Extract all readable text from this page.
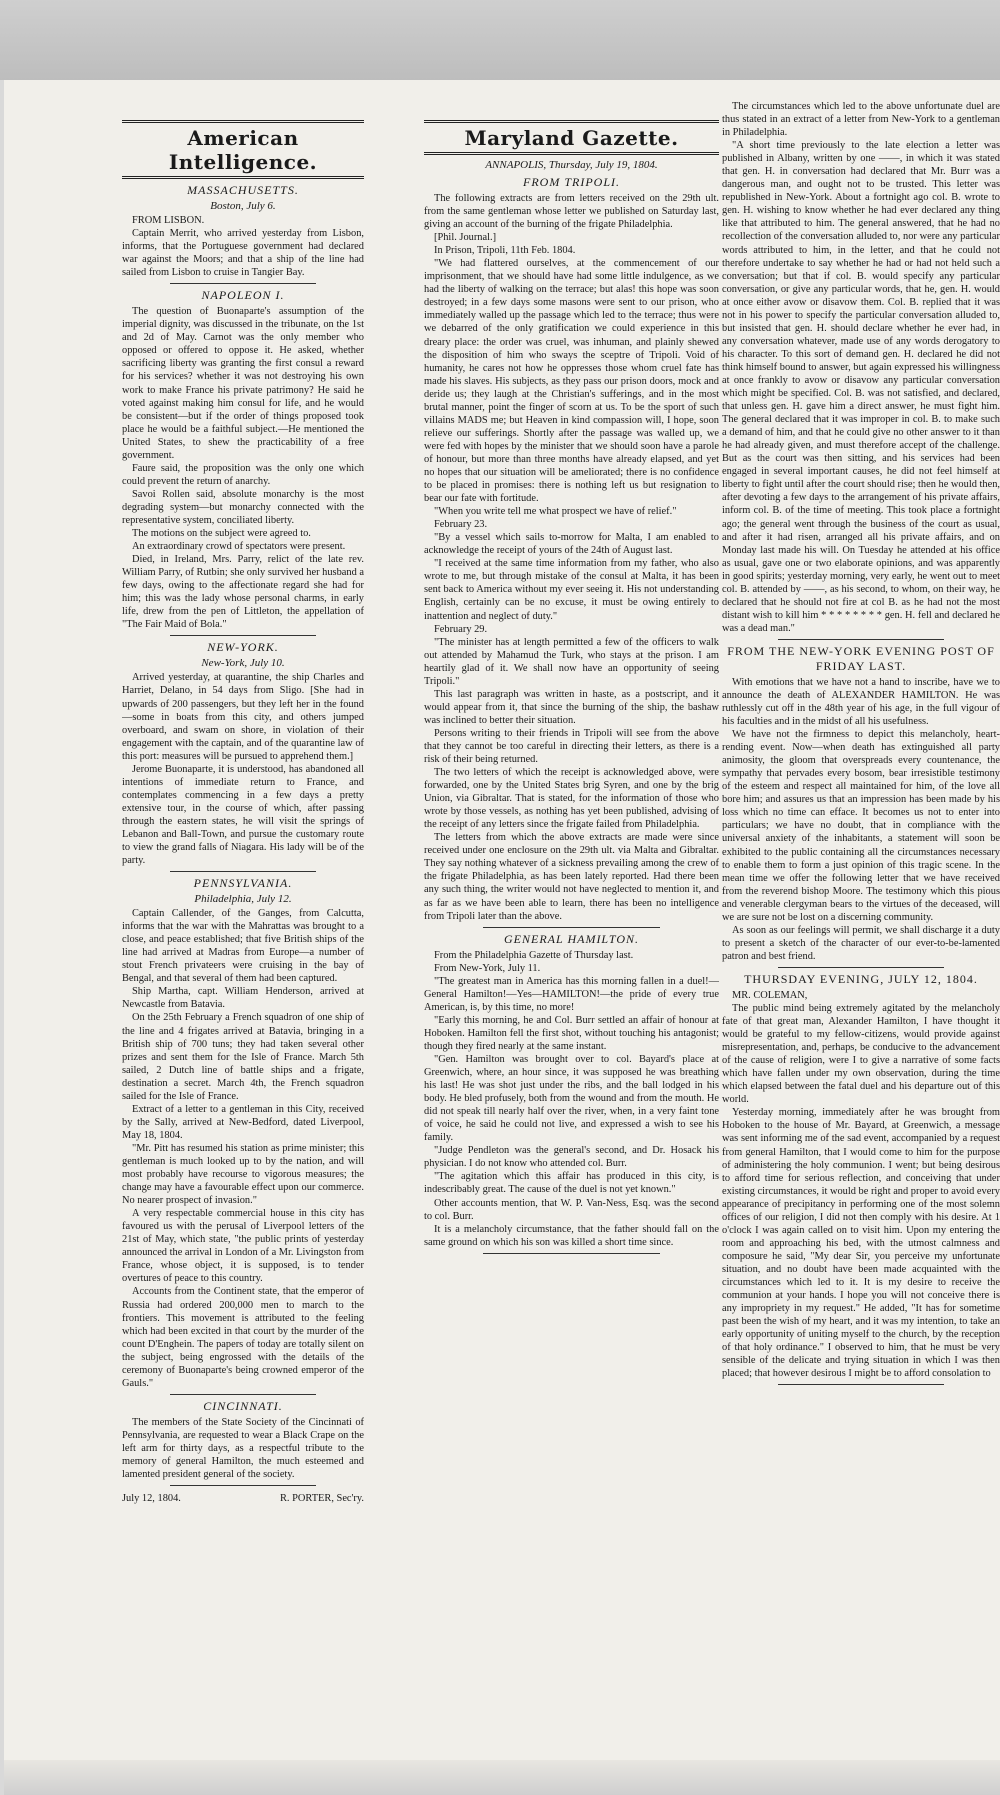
American Intelligence.
MASSACHUSETTS.
Boston, July 6.

FROM LISBON.

Captain Merrit, who arrived yesterday from Lisbon, informs, that the Portuguese government had declared war against the Moors; and that a ship of the line had sailed from Lisbon to cruise in Tangier Bay.

NAPOLEON I.

The question of Buonaparte's assumption of the imperial dignity, was discussed in the tribunate, on the 1st and 2d of May. Carnot was the only member who opposed or offered to oppose it. He asked, whether sacrificing liberty was granting the first consul a reward for his services? whether it was not destroying his own work to make France his private patrimony? He said he voted against making him consul for life, and he would be consistent—but if the order of things proposed took place he would be a faithful subject.—He mentioned the United States, to shew the practicability of a free government.

Faure said, the proposition was the only one which could prevent the return of anarchy.

Savoi Rollen said, absolute monarchy is the most degrading system—but monarchy connected with the representative system, conciliated liberty.

The motions on the subject were agreed to.

An extraordinary crowd of spectators were present.

Died, in Ireland, Mrs. Parry, relict of the late rev. William Parry, of Rutbin; she only survived her husband a few days, owing to the affectionate regard she had for him; this was the lady whose personal charms, in early life, drew from the pen of Littleton, the appellation of "The Fair Maid of Bola."

NEW-YORK.
New-York, July 10.

Arrived yesterday, at quarantine, the ship Charles and Harriet, Delano, in 54 days from Sligo. [She had in upwards of 200 passengers, but they left her in the found—some in boats from this city, and others jumped overboard, and swam on shore, in violation of their engagement with the captain, and of the quarantine law of this port: measures will be pursued to apprehend them.]

Jerome Buonaparte, it is understood, has abandoned all intentions of immediate return to France, and contemplates commencing in a few days a pretty extensive tour, in the course of which, after passing through the eastern states, he will visit the springs of Lebanon and Ball-Town, and pursue the customary route to view the grand falls of Niagara. His lady will be of the party.

PENNSYLVANIA.
Philadelphia, July 12.

Captain Callender, of the Ganges, from Calcutta, informs that the war with the Mahrattas was brought to a close, and peace established; that five British ships of the line had arrived at Madras from Europe—a number of stout French privateers were cruising in the bay of Bengal, and that several of them had been captured.

Ship Martha, capt. William Henderson, arrived at Newcastle from Batavia.

On the 25th February a French squadron of one ship of the line and 4 frigates arrived at Batavia, bringing in a British ship of 700 tuns; they had taken several other prizes and sent them for the Isle of France. March 5th sailed, 2 Dutch line of battle ships and a frigate, destination a secret. March 4th, the French squadron sailed for the Isle of France.

Extract of a letter to a gentleman in this City, received by the Sally, arrived at New-Bedford, dated Liverpool, May 18, 1804.

"Mr. Pitt has resumed his station as prime minister; this gentleman is much looked up to by the nation, and will most probably have recourse to vigorous measures; the change may have a favourable effect upon our commerce. No nearer prospect of invasion."

A very respectable commercial house in this city has favoured us with the perusal of Liverpool letters of the 21st of May, which state, "the public prints of yesterday announced the arrival in London of a Mr. Livingston from France, whose object, it is supposed, is to tender overtures of peace to this country.

Accounts from the Continent state, that the emperor of Russia had ordered 200,000 men to march to the frontiers. This movement is attributed to the feeling which had been excited in that court by the murder of the count D'Enghein. The papers of today are totally silent on the subject, being engrossed with the details of the ceremony of Buonaparte's being crowned emperor of the Gauls."

CINCINNATI.

The members of the State Society of the Cincinnati of Pennsylvania, are requested to wear a Black Crape on the left arm for thirty days, as a respectful tribute to the memory of general Hamilton, the much esteemed and lamented president general of the society.

July 12, 1804.	R. PORTER, Sec'ry.
Maryland Gazette.
ANNAPOLIS, Thursday, July 19, 1804.
FROM TRIPOLI.

The following extracts are from letters received on the 29th ult. from the same gentleman whose letter we published on Saturday last, giving an account of the burning of the frigate Philadelphia.

[Phil. Journal.]

In Prison, Tripoli, 11th Feb. 1804.

"We had flattered ourselves, at the commencement of our imprisonment, that we should have had some little indulgence, as we had the liberty of walking on the terrace; but alas! this hope was soon destroyed; in a few days some masons were sent to our prison, who immediately walled up the passage which led to the terrace; thus were we debarred of the only gratification we could experience in this dreary place: the order was cruel, was inhuman, and plainly shewed the disposition of him who sways the sceptre of Tripoli. Void of humanity, he cares not how he oppresses those whom cruel fate has made his slaves. His subjects, as they pass our prison doors, mock and deride us; they laugh at the Christian's sufferings, and in the most brutal manner, point the finger of scorn at us. To be the sport of such villains MADS me; but Heaven in kind compassion will, I hope, soon relieve our sufferings. Shortly after the passage was walled up, we were fed with hopes by the minister that we should soon have a parole of honour, but more than three months have already elapsed, and yet no hopes that our situation will be ameliorated; there is no confidence to be placed in promises: there is nothing left us but resignation to bear our fate with fortitude.

"When you write tell me what prospect we have of relief."

February 23.

"By a vessel which sails to-morrow for Malta, I am enabled to acknowledge the receipt of yours of the 24th of August last.

"I received at the same time information from my father, who also wrote to me, but through mistake of the consul at Malta, it has been sent back to America without my ever seeing it. His not understanding English, certainly can be no excuse, it must be owing entirely to inattention and neglect of duty."

February 29.

"The minister has at length permitted a few of the officers to walk out attended by Mahamud the Turk, who stays at the prison. I am heartily glad of it. We shall now have an opportunity of seeing Tripoli."

This last paragraph was written in haste, as a postscript, and it would appear from it, that since the burning of the ship, the bashaw was inclined to better their situation.

Persons writing to their friends in Tripoli will see from the above that they cannot be too careful in directing their letters, as there is a risk of their being returned.

The two letters of which the receipt is acknowledged above, were forwarded, one by the United States brig Syren, and one by the brig Union, via Gibraltar. That is stated, for the information of those who wrote by those vessels, as nothing has yet been published, advising of the receipt of any letters since the frigate failed from Philadelphia.

The letters from which the above extracts are made were since received under one enclosure on the 29th ult. via Malta and Gibraltar. They say nothing whatever of a sickness prevailing among the crew of the frigate Philadelphia, as has been lately reported. Had there been any such thing, the writer would not have neglected to mention it, and as far as we have been able to learn, there has been no intelligence from Tripoli later than the above.

GENERAL HAMILTON.

From the Philadelphia Gazette of Thursday last.

From New-York, July 11.

"The greatest man in America has this morning fallen in a duel!—General Hamilton!—Yes—HAMILTON!—the pride of every true American, is, by this time, no more!

"Early this morning, he and Col. Burr settled an affair of honour at Hoboken. Hamilton fell the first shot, without touching his antagonist; though they fired nearly at the same instant.

"Gen. Hamilton was brought over to col. Bayard's place at Greenwich, where, an hour since, it was supposed he was breathing his last! He was shot just under the ribs, and the ball lodged in his body. He bled profusely, both from the wound and from the mouth. He did not speak till nearly half over the river, when, in a very faint tone of voice, he said he could not live, and expressed a wish to see his family.

"Judge Pendleton was the general's second, and Dr. Hosack his physician. I do not know who attended col. Burr.

"The agitation which this affair has produced in this city, is indescribably great. The cause of the duel is not yet known."

Other accounts mention, that W. P. Van-Ness, Esq. was the second to col. Burr.

It is a melancholy circumstance, that the father should fall on the same ground on which his son was killed a short time since.

The circumstances which led to the above unfortunate duel are thus stated in an extract of a letter from New-York to a gentleman in Philadelphia.

"A short time previously to the late election a letter was published in Albany, written by one ——, in which it was stated that gen. H. in conversation had declared that Mr. Burr was a dangerous man, and ought not to be trusted. This letter was republished in New-York. About a fortnight ago col. B. wrote to gen. H. wishing to know whether he had ever declared any thing like that attributed to him. The general answered, that he had no recollection of the conversation alluded to, nor were any particular words attributed to him, in the letter, and that he could not therefore undertake to say whether he had or had not held such a conversation; but that if col. B. would specify any particular conversation, or give any particular words, that he, gen. H. would at once either avow or disavow them. Col. B. replied that it was not in his power to specify the particular conversation alluded to, but insisted that gen. H. should declare whether he ever had, in any conversation whatever, made use of any words derogatory to his character. To this sort of demand gen. H. declared he did not think himself bound to answer, but again expressed his willingness at once frankly to avow or disavow any particular conversation which might be specified. Col. B. was not satisfied, and declared, that unless gen. H. gave him a direct answer, he must fight him. The general declared that it was improper in col. B. to make such a demand of him, and that he could give no other answer to it than he had already given, and must therefore accept of the challenge. But as the court was then sitting, and his services had been engaged in several important causes, he did not feel himself at liberty to fight until after the court should rise; then he would then, after devoting a few days to the arrangement of his private affairs, inform col. B. of the time of meeting. This took place a fortnight ago; the general went through the business of the court as usual, and after it had risen, arranged all his private affairs, and on Monday last made his will. On Tuesday he attended at his office as usual, gave one or two elaborate opinions, and was apparently in good spirits; yesterday morning, very early, he went out to meet col. B. attended by ——, as his second, to whom, on their way, he declared that he should not fire at col B. as he had not the most distant wish to kill him * * * * * * * * gen. H. fell and declared he was a dead man."

FROM THE NEW-YORK EVENING POST OF FRIDAY LAST.

With emotions that we have not a hand to inscribe, have we to announce the death of ALEXANDER HAMILTON. He was ruthlessly cut off in the 48th year of his age, in the full vigour of his faculties and in the midst of all his usefulness.

We have not the firmness to depict this melancholy, heart-rending event. Now—when death has extinguished all party animosity, the gloom that overspreads every countenance, the sympathy that pervades every bosom, bear irresistible testimony of the esteem and respect all maintained for him, of the love all bore him; and assures us that an impression has been made by his loss which no time can efface. It becomes us not to enter into particulars; we have no doubt, that in compliance with the universal anxiety of the inhabitants, a statement will soon be exhibited to the public containing all the circumstances necessary to enable them to form a just opinion of this tragic scene. In the mean time we offer the following letter that we have received from the reverend bishop Moore. The testimony which this pious and venerable clergyman bears to the virtues of the deceased, will we are sure not be lost on a discerning community.

As soon as our feelings will permit, we shall discharge it a duty to present a sketch of the character of our ever-to-be-lamented patron and best friend.

THURSDAY EVENING, JULY 12, 1804.

MR. COLEMAN,

The public mind being extremely agitated by the melancholy fate of that great man, Alexander Hamilton, I have thought it would be grateful to my fellow-citizens, would provide against misrepresentation, and, perhaps, be conducive to the advancement of the cause of religion, were I to give a narrative of some facts which have fallen under my own observation, during the time which elapsed between the fatal duel and his departure out of this world.

Yesterday morning, immediately after he was brought from Hoboken to the house of Mr. Bayard, at Greenwich, a message was sent informing me of the sad event, accompanied by a request from general Hamilton, that I would come to him for the purpose of administering the holy communion. I went; but being desirous to afford time for serious reflection, and conceiving that under existing circumstances, it would be right and proper to avoid every appearance of precipitancy in performing one of the most solemn offices of our religion, I did not then comply with his desire. At 1 o'clock I was again called on to visit him. Upon my entering the room and approaching his bed, with the utmost calmness and composure he said, "My dear Sir, you perceive my unfortunate situation, and no doubt have been made acquainted with the circumstances which led to it. It is my desire to receive the communion at your hands. I hope you will not conceive there is any impropriety in my request." He added, "It has for sometime past been the wish of my heart, and it was my intention, to take an early opportunity of uniting myself to the church, by the reception of that holy ordinance." I observed to him, that he must be very sensible of the delicate and trying situation in which I was then placed; that however desirous I might be to afford consolation to
